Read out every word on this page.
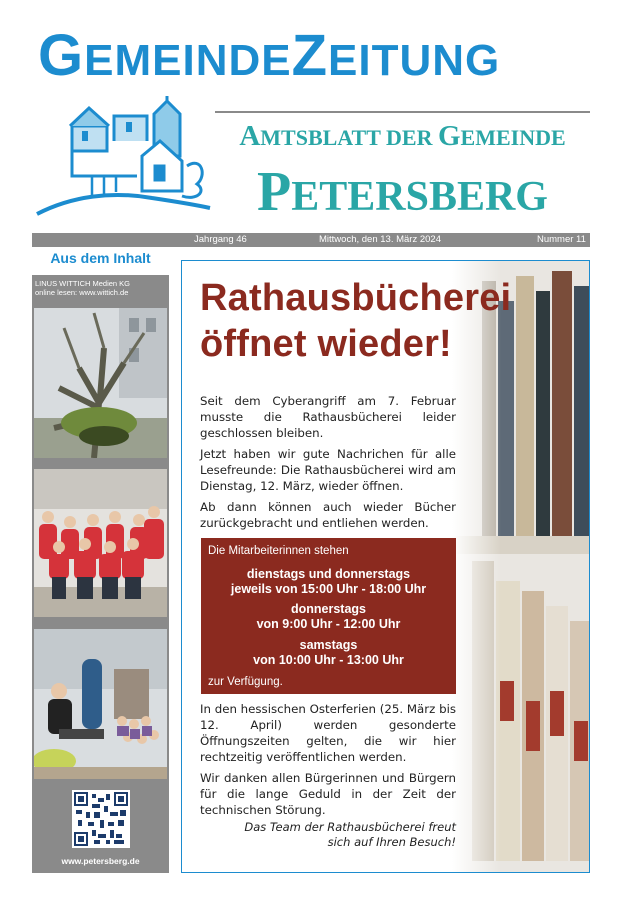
GEMEINDEZEITUNG
AMTSBLATT DER GEMEINDE
PETERSBERG
Jahrgang 46	Mittwoch, den 13. März 2024	Nummer 11
Aus dem Inhalt
LINUS WITTICH Medien KG
online lesen: www.wittich.de
www.petersberg.de
Rathausbücherei
öffnet wieder!

Seit dem Cyberangriff am 7. Februar musste die Rathausbücherei leider geschlossen bleiben.

Jetzt haben wir gute Nachrichen für alle Lesefreunde: Die Rathausbücherei wird am Dienstag, 12. März, wieder öffnen.

Ab dann können auch wieder Bücher zurückgebracht und entliehen werden.

Die Mitarbeiterinnen stehen
dienstags und donnerstags
jeweils von 15:00 Uhr - 18:00 Uhr
donnerstags
von 9:00 Uhr - 12:00 Uhr
samstags
von 10:00 Uhr - 13:00 Uhr
zur Verfügung.

In den hessischen Osterferien (25. März bis 12. April) werden gesonderte Öffnungszeiten gelten, die wir hier rechtzeitig veröffentlichen werden.

Wir danken allen Bürgerinnen und Bürgern für die lange Geduld in der Zeit der technischen Störung.

Das Team der Rathausbücherei freut
sich auf Ihren Besuch!
